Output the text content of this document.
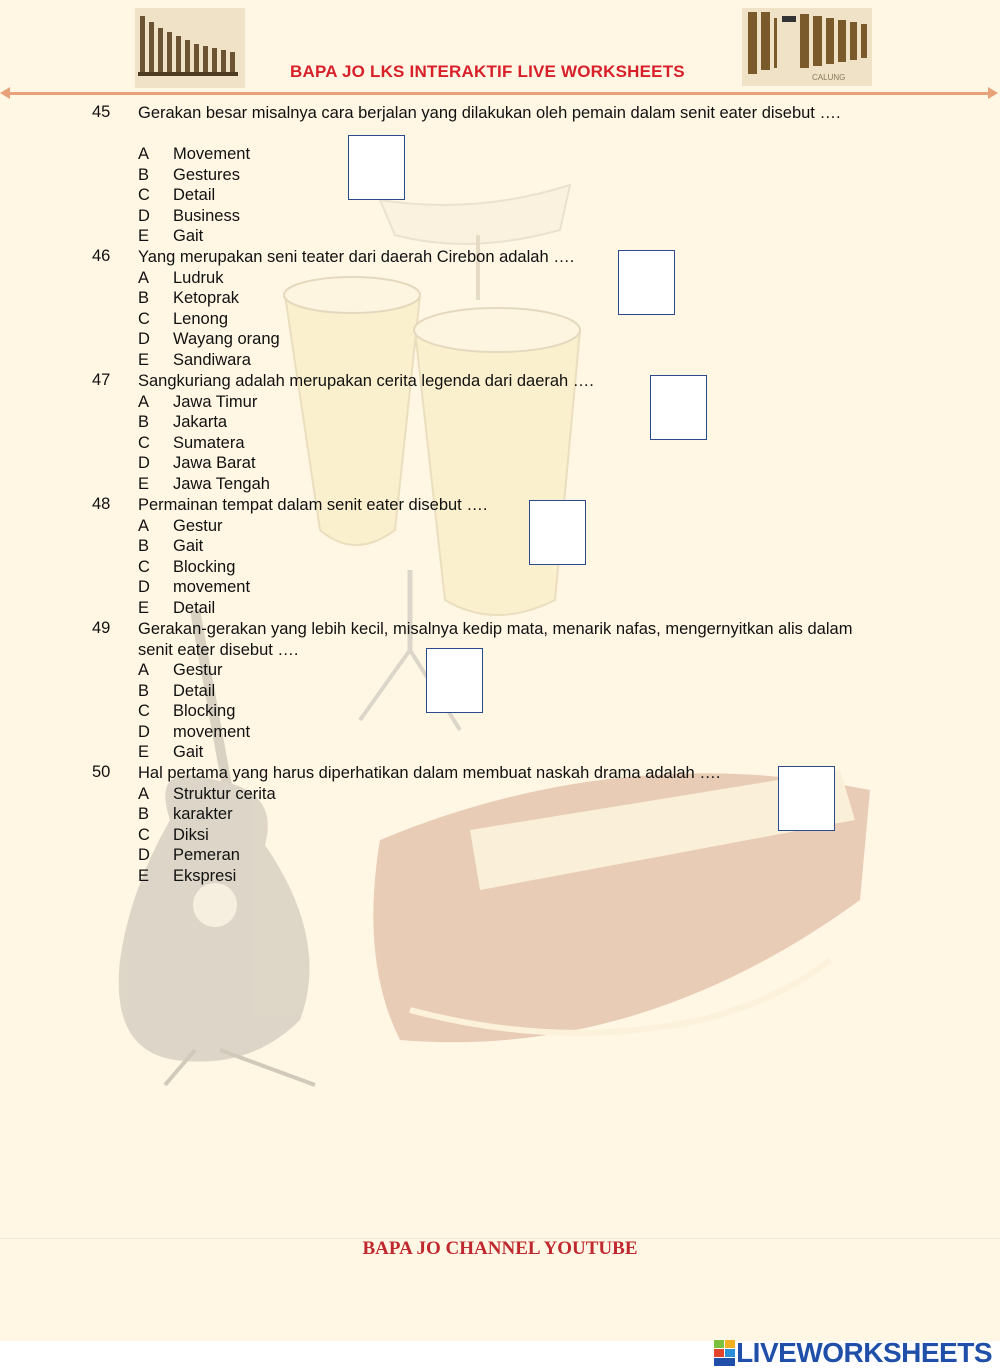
BAPA JO LKS INTERAKTIF LIVE WORKSHEETS	CALUNG
45 Gerakan besar misalnya cara berjalan yang dilakukan oleh pemain dalam senit eater disebut ….
A Movement
B Gestures
C Detail
D Business
E Gait
46 Yang merupakan seni teater dari daerah Cirebon adalah ….
A Ludruk
B Ketoprak
C Lenong
D Wayang orang
E Sandiwara
47 Sangkuriang adalah merupakan cerita legenda dari daerah ….
A Jawa Timur
B Jakarta
C Sumatera
D Jawa Barat
E Jawa Tengah
48 Permainan tempat dalam senit eater disebut ….
A Gestur
B Gait
C Blocking
D movement
E Detail
49 Gerakan-gerakan yang lebih kecil, misalnya kedip mata, menarik nafas, mengernyitkan alis dalam senit eater disebut ….
A Gestur
B Detail
C Blocking
D movement
E Gait
50 Hal pertama yang harus diperhatikan dalam membuat naskah drama adalah ….
A Struktur cerita
B karakter
C Diksi
D Pemeran
E Ekspresi
BAPA JO CHANNEL YOUTUBE
LIVEWORKSHEETS
